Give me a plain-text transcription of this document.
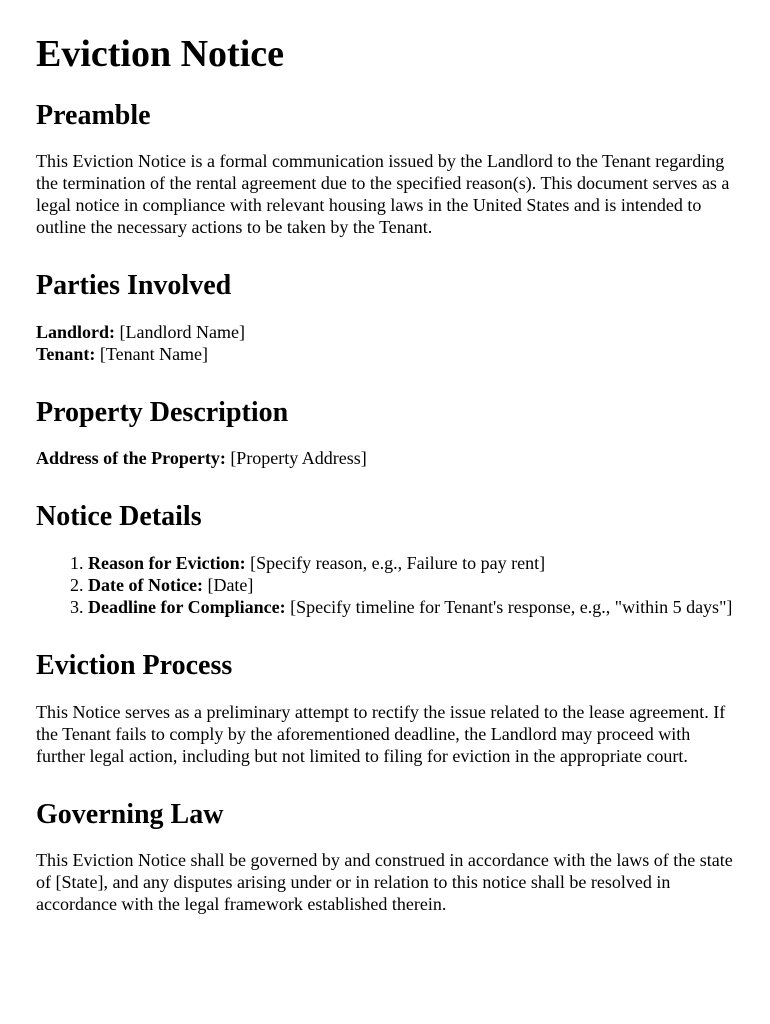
Eviction Notice
Preamble

This Eviction Notice is a formal communication issued by the Landlord to the Tenant regarding the termination of the rental agreement due to the specified reason(s). This document serves as a legal notice in compliance with relevant housing laws in the United States and is intended to outline the necessary actions to be taken by the Tenant.

Parties Involved
Landlord: [Landlord Name]
Tenant: [Tenant Name]
Property Description
Address of the Property: [Property Address]
Notice Details
1. Reason for Eviction: [Specify reason, e.g., Failure to pay rent]
2. Date of Notice: [Date]
3. Deadline for Compliance: [Specify timeline for Tenant's response, e.g., "within 5 days"]
Eviction Process

This Notice serves as a preliminary attempt to rectify the issue related to the lease agreement. If the Tenant fails to comply by the aforementioned deadline, the Landlord may proceed with further legal action, including but not limited to filing for eviction in the appropriate court.

Governing Law

This Eviction Notice shall be governed by and construed in accordance with the laws of the state of [State], and any disputes arising under or in relation to this notice shall be resolved in accordance with the legal framework established therein.
